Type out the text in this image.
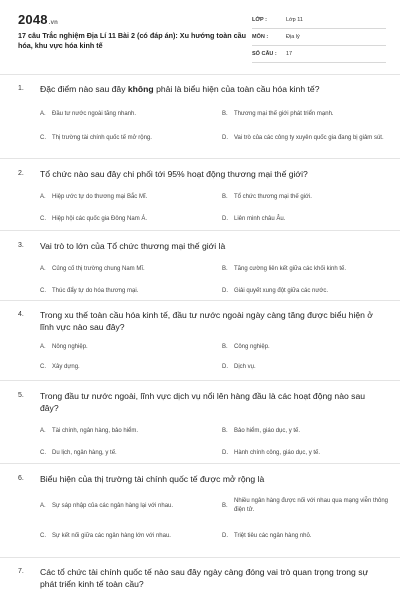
2048.vn
17 câu Trắc nghiệm Địa Lí 11 Bài 2 (có đáp án): Xu hướng toàn cầu hóa, khu vực hóa kinh tế
LỚP :	Lớp 11
MÔN :	Địa lý
SỐ CÂU : 17
1. Đặc điểm nào sau đây không phải là biểu hiện của toàn cầu hóa kinh tế?
A. Đầu tư nước ngoài tăng nhanh.	B. Thương mại thế giới phát triển mạnh.
C. Thị trường tài chính quốc tế mở rộng.	D. Vai trò của các công ty xuyên quốc gia đang bị giảm sút.
2. Tổ chức nào sau đây chi phối tới 95% hoạt động thương mại thế giới?
A. Hiệp ước tự do thương mại Bắc Mĩ.	B. Tổ chức thương mại thế giới.
C. Hiệp hội các quốc gia Đông Nam Á.	D. Liên minh châu Âu.
3. Vai trò to lớn của Tổ chức thương mại thế giới là
A. Củng cố thị trường chung Nam Mĩ.	B. Tăng cường liên kết giữa các khối kinh tế.
C. Thúc đẩy tự do hóa thương mại.	D. Giải quyết xung đột giữa các nước.
4. Trong xu thế toàn cầu hóa kinh tế, đầu tư nước ngoài ngày càng tăng được biểu hiện ở lĩnh vực nào sau đây?
A. Nông nghiệp.	B. Công nghiệp.
C. Xây dựng.	D. Dịch vụ.
5. Trong đầu tư nước ngoài, lĩnh vực dịch vụ nổi lên hàng đầu là các hoạt động nào sau đây?
A. Tài chính, ngân hàng, bảo hiểm.	B. Bảo hiểm, giáo dục, y tế.
C. Du lịch, ngân hàng, y tế.	D. Hành chính công, giáo dục, y tế.
6. Biểu hiện của thị trường tài chính quốc tế được mở rộng là
A. Sự sáp nhập của các ngân hàng lại với nhau.	B.
Nhiều ngân hàng được nối với nhau qua mạng viễn thông điện tử.
C. Sự kết nối giữa các ngân hàng lớn với nhau.	D. Triệt tiêu các ngân hàng nhỏ.
7. Các tổ chức tài chính quốc tế nào sau đây ngày càng đóng vai trò quan trọng trong sự phát triển kinh tế toàn cầu?
